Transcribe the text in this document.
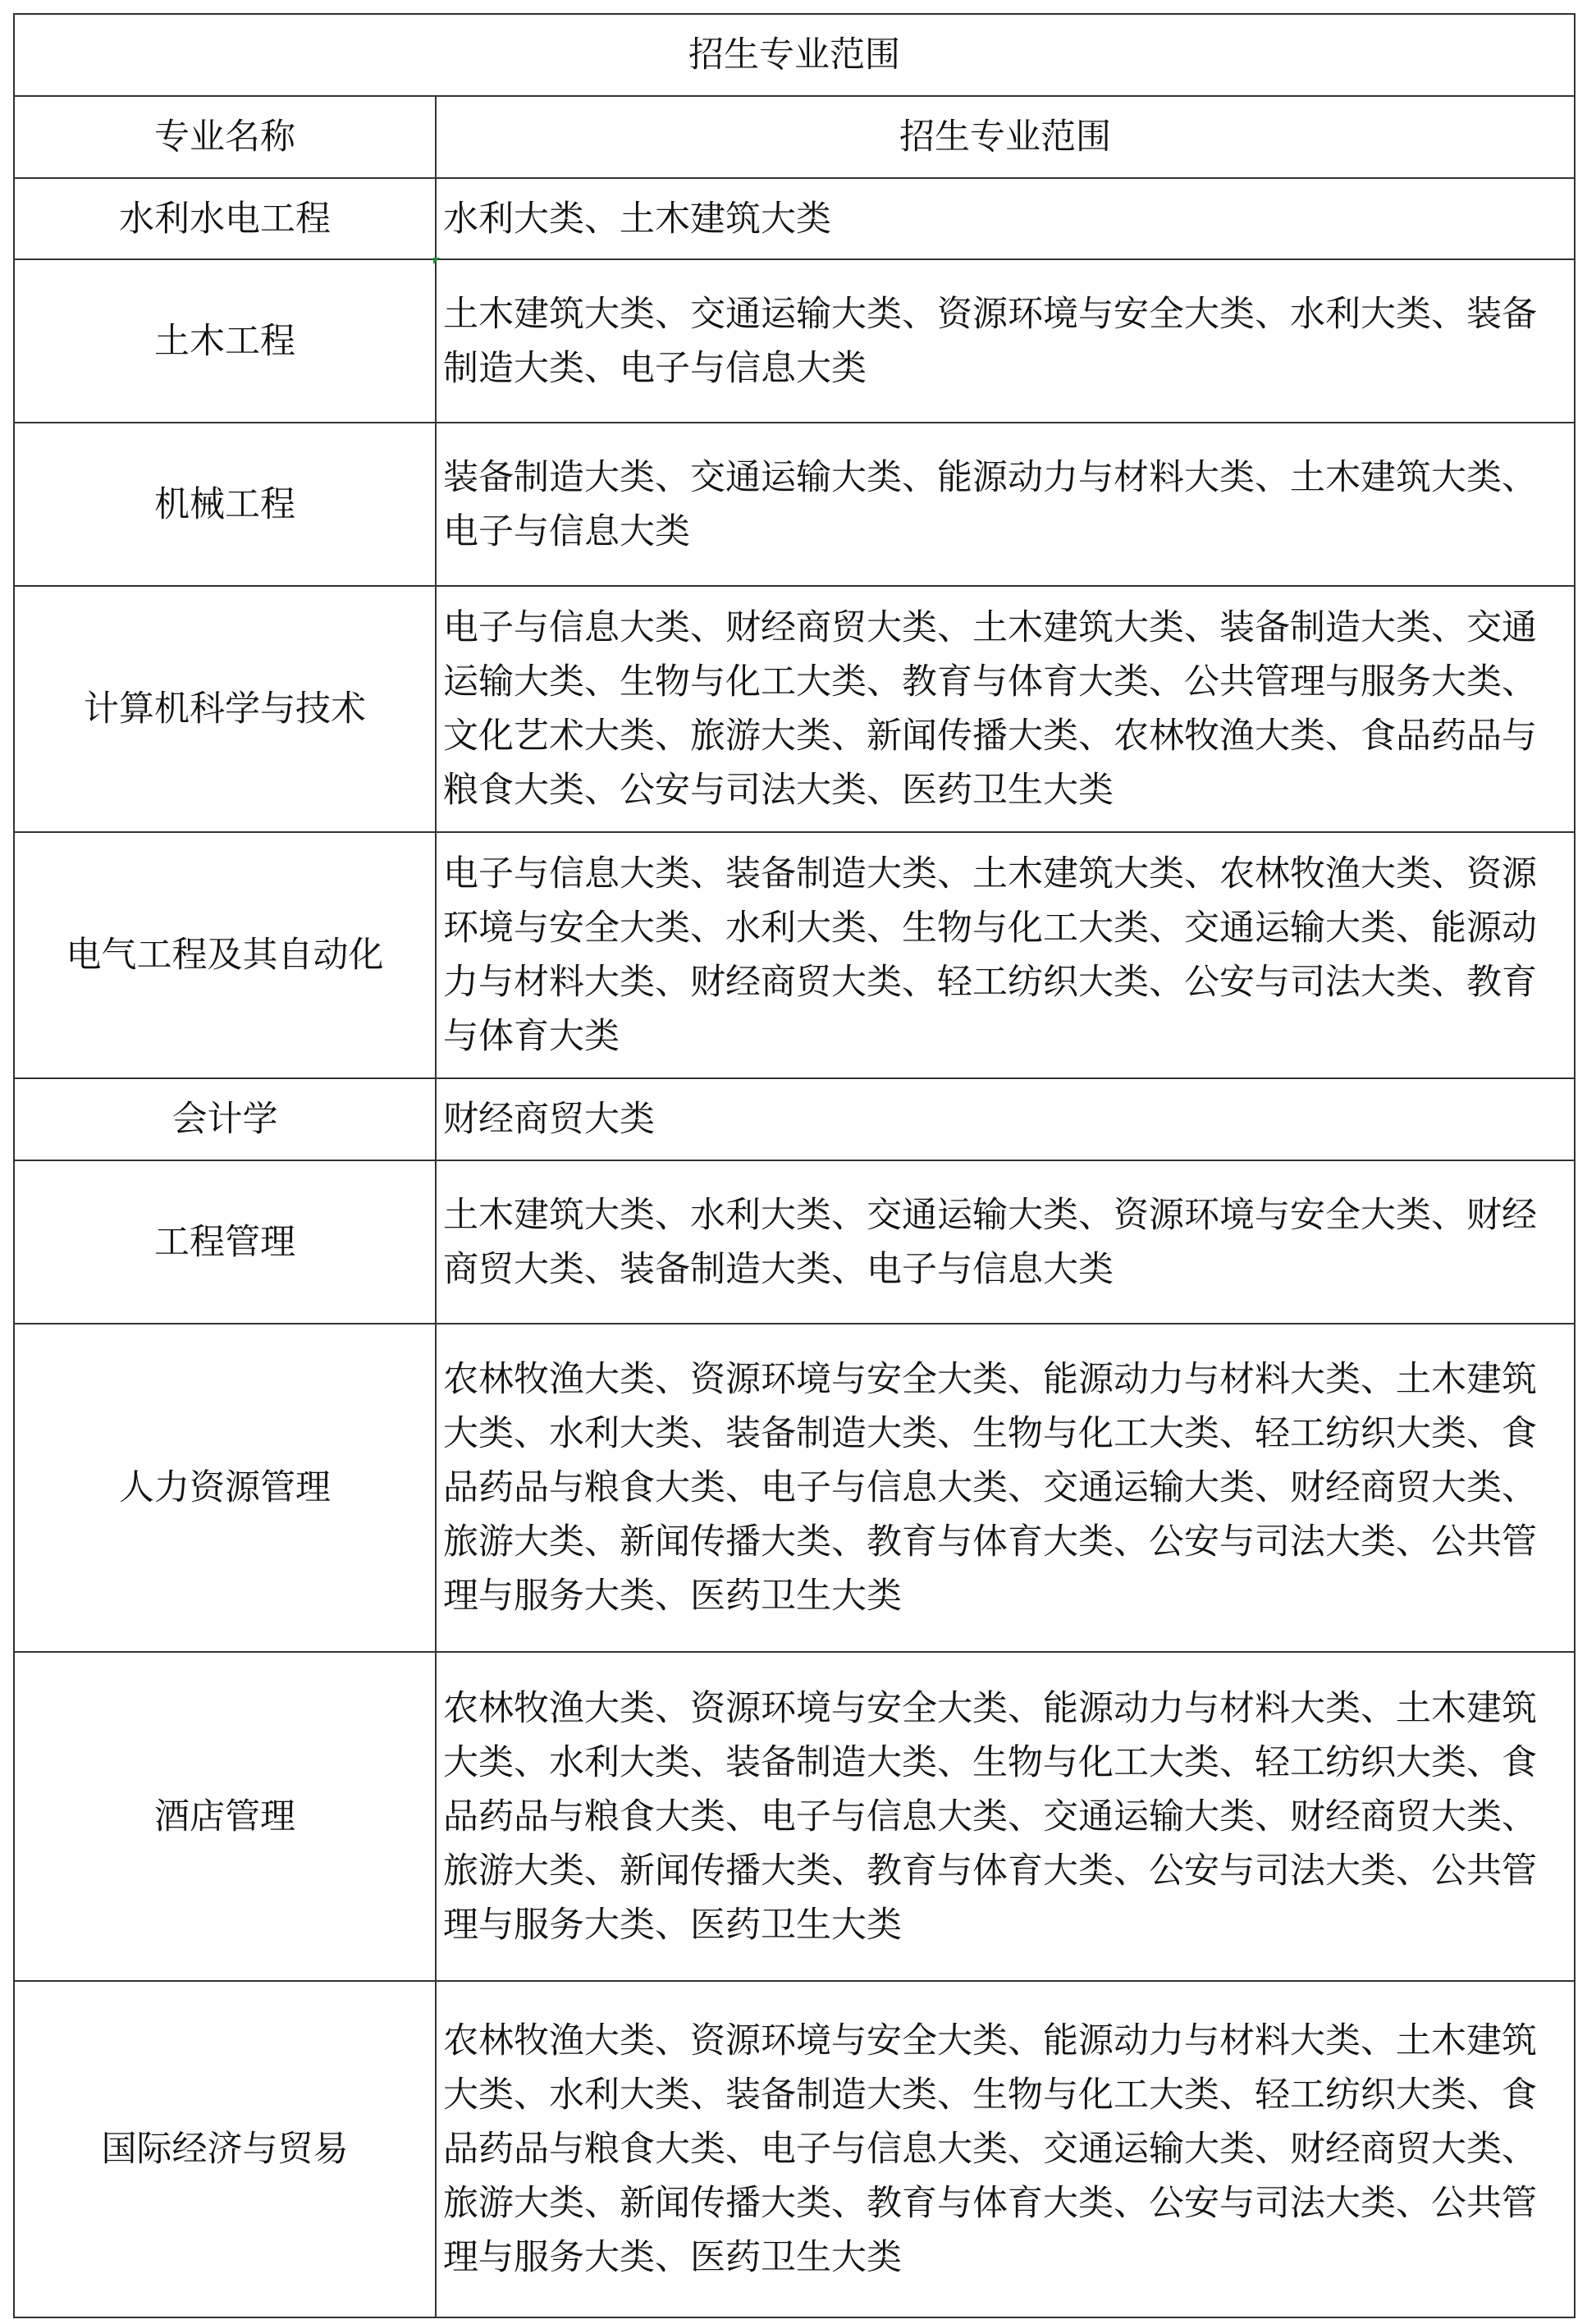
招生专业范围	
专业名称	招生专业范围
水利水电工程	水利大类、土木建筑大类

土木工程	土木建筑大类、交通运输大类、资源环境与安全大类、水利大类、装备制造大类、电子与信息大类

机械工程	装备制造大类、交通运输大类、能源动力与材料大类、土木建筑大类、电子与信息大类

计算机科学与技术	电子与信息大类、财经商贸大类、土木建筑大类、装备制造大类、交通运输大类、生物与化工大类、教育与体育大类、公共管理与服务大类、文化艺术大类、旅游大类、新闻传播大类、农林牧渔大类、食品药品与粮食大类、公安与司法大类、医药卫生大类

电气工程及其自动化	电子与信息大类、装备制造大类、土木建筑大类、农林牧渔大类、资源环境与安全大类、水利大类、生物与化工大类、交通运输大类、能源动力与材料大类、财经商贸大类、轻工纺织大类、公安与司法大类、教育与体育大类

会计学	财经商贸大类

工程管理	土木建筑大类、水利大类、交通运输大类、资源环境与安全大类、财经商贸大类、装备制造大类、电子与信息大类

人力资源管理	农林牧渔大类、资源环境与安全大类、能源动力与材料大类、土木建筑大类、水利大类、装备制造大类、生物与化工大类、轻工纺织大类、食品药品与粮食大类、电子与信息大类、交通运输大类、财经商贸大类、旅游大类、新闻传播大类、教育与体育大类、公安与司法大类、公共管理与服务大类、医药卫生大类

酒店管理	农林牧渔大类、资源环境与安全大类、能源动力与材料大类、土木建筑大类、水利大类、装备制造大类、生物与化工大类、轻工纺织大类、食品药品与粮食大类、电子与信息大类、交通运输大类、财经商贸大类、旅游大类、新闻传播大类、教育与体育大类、公安与司法大类、公共管理与服务大类、医药卫生大类

国际经济与贸易	农林牧渔大类、资源环境与安全大类、能源动力与材料大类、土木建筑大类、水利大类、装备制造大类、生物与化工大类、轻工纺织大类、食品药品与粮食大类、电子与信息大类、交通运输大类、财经商贸大类、旅游大类、新闻传播大类、教育与体育大类、公安与司法大类、公共管理与服务大类、医药卫生大类
